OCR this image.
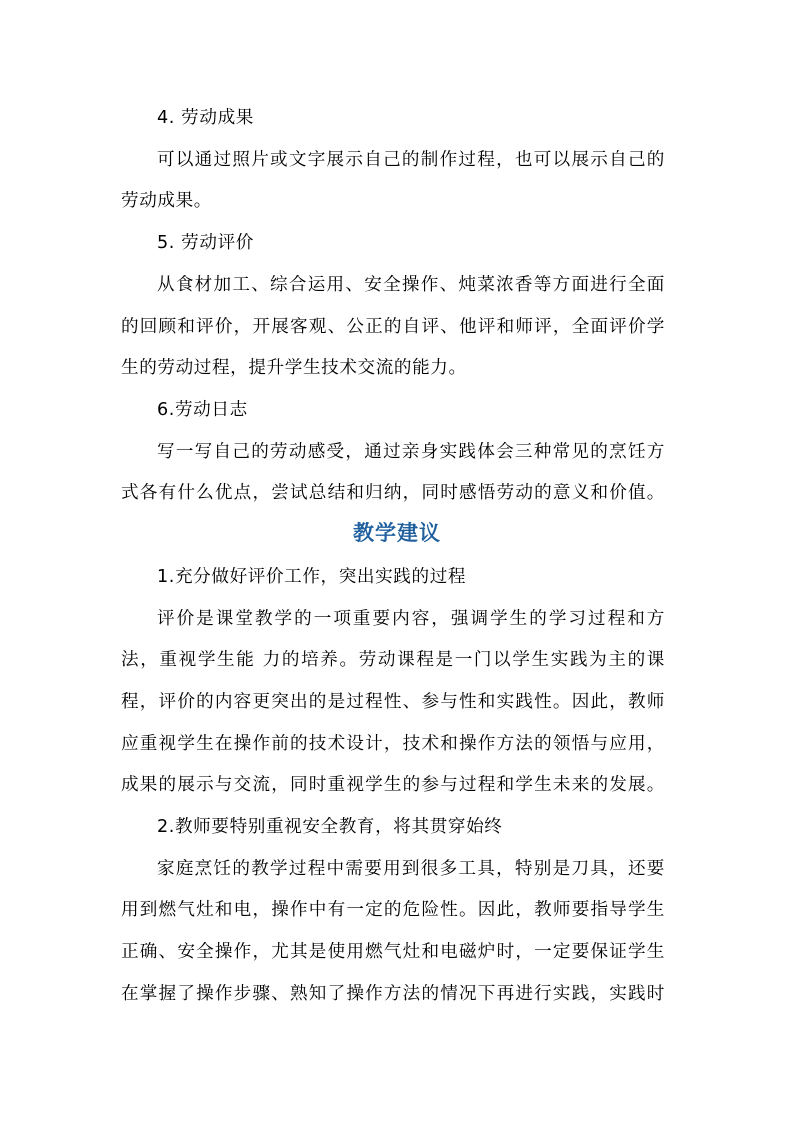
4. 劳动成果
可以通过照片或文字展示自己的制作过程，也可以展示自己的
劳动成果。
5. 劳动评价
从食材加工、综合运用、安全操作、炖菜浓香等方面进行全面
的回顾和评价，开展客观、公正的自评、他评和师评，全面评价学
生的劳动过程，提升学生技术交流的能力。
6.劳动日志
写一写自己的劳动感受，通过亲身实践体会三种常见的烹饪方
式各有什么优点，尝试总结和归纳，同时感悟劳动的意义和价值。
教学建议
1.充分做好评价工作，突出实践的过程
评价是课堂教学的一项重要内容，强调学生的学习过程和方
法，重视学生能 力的培养。劳动课程是一门以学生实践为主的课
程，评价的内容更突出的是过程性、参与性和实践性。因此，教师
应重视学生在操作前的技术设计，技术和操作方法的领悟与应用，
成果的展示与交流，同时重视学生的参与过程和学生未来的发展。
2.教师要特别重视安全教育，将其贯穿始终
家庭烹饪的教学过程中需要用到很多工具，特别是刀具，还要
用到燃气灶和电，操作中有一定的危险性。因此，教师要指导学生
正确、安全操作，尤其是使用燃气灶和电磁炉时，一定要保证学生
在掌握了操作步骤、熟知了操作方法的情况下再进行实践，实践时
